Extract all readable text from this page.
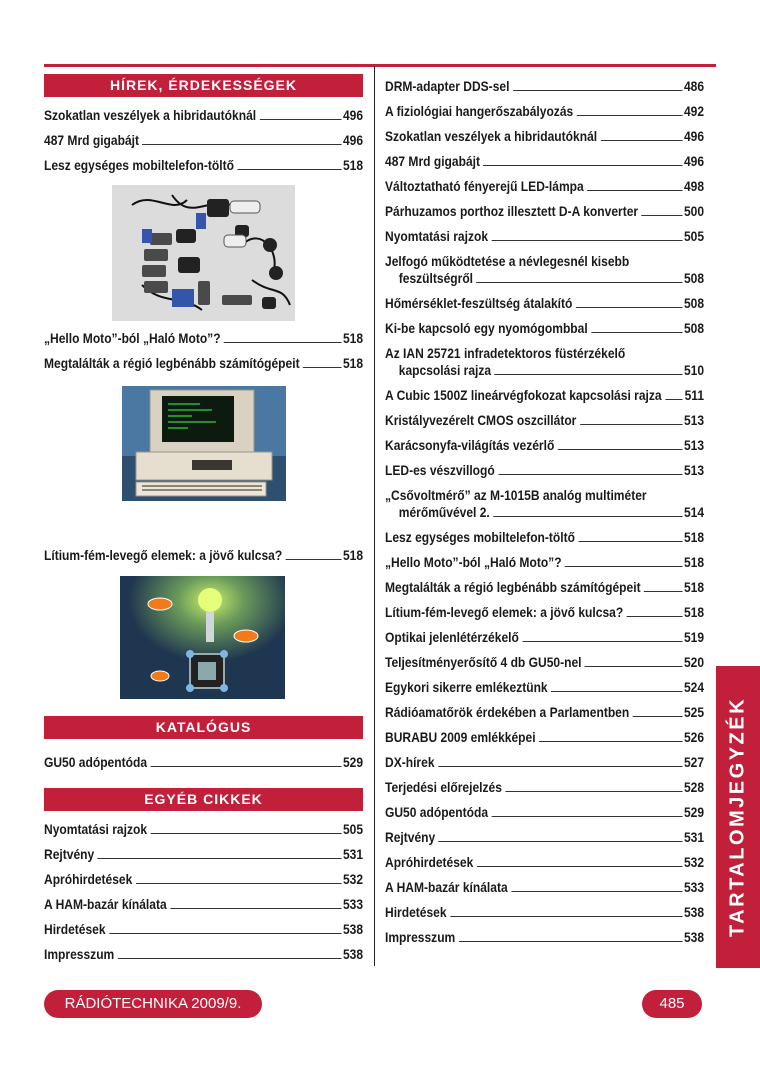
HÍREK, ÉRDEKESSÉGEK
Szokatlan veszélyek a hibridautóknál	496
487 Mrd gigabájt	496
Lesz egységes mobiltelefon-töltő	518
„Hello Moto”-ból „Haló Moto”?	518
Megtalálták a régió legbénább számítógépeit	518
Lítium-fém-levegő elemek: a jövő kulcsa?	518
KATALÓGUS
GU50 adópentóda	529
EGYÉB CIKKEK
Nyomtatási rajzok	505
Rejtvény	531
Apróhirdetések	532
A HAM-bazár kínálata	533
Hirdetések	538
Impresszum	538
DRM-adapter DDS-sel	486
A fiziológiai hangerőszabályozás	492
Szokatlan veszélyek a hibridautóknál	496
487 Mrd gigabájt	496
Változtatható fényerejű LED-lámpa	498
Párhuzamos porthoz illesztett D-A konverter	500
Nyomtatási rajzok	505
Jelfogó működtetése a névlegesnél kisebb
feszültségről	508
Hőmérséklet-feszültség átalakító	508
Ki-be kapcsoló egy nyomógombbal	508
Az IAN 25721 infradetektoros füstérzékelő
kapcsolási rajza	510
A Cubic 1500Z lineárvégfokozat kapcsolási rajza 511
Kristályvezérelt CMOS oszcillátor	513
Karácsonyfa-világítás vezérlő	513
LED-es vészvillogó	513
„Csővoltmérő” az M-1015B analóg multiméter
mérőművével 2.	514
Lesz egységes mobiltelefon-töltő	518
„Hello Moto”-ból „Haló Moto”?	518
Megtalálták a régió legbénább számítógépeit	518
Lítium-fém-levegő elemek: a jövő kulcsa?	518
Optikai jelenlétérzékelő	519
Teljesítményerősítő 4 db GU50-nel	520
Egykori sikerre emlékeztünk	524
Rádióamatőrök érdekében a Parlamentben	525
BURABU 2009 emlékképei	526
DX-hírek	527
Terjedési előrejelzés	528
GU50 adópentóda	529
Rejtvény	531
Apróhirdetések	532
A HAM-bazár kínálata	533
Hirdetések	538
Impresszum	538 TARTALOMJEGYZÉK
RÁDIÓTECHNIKA 2009/9.	485
